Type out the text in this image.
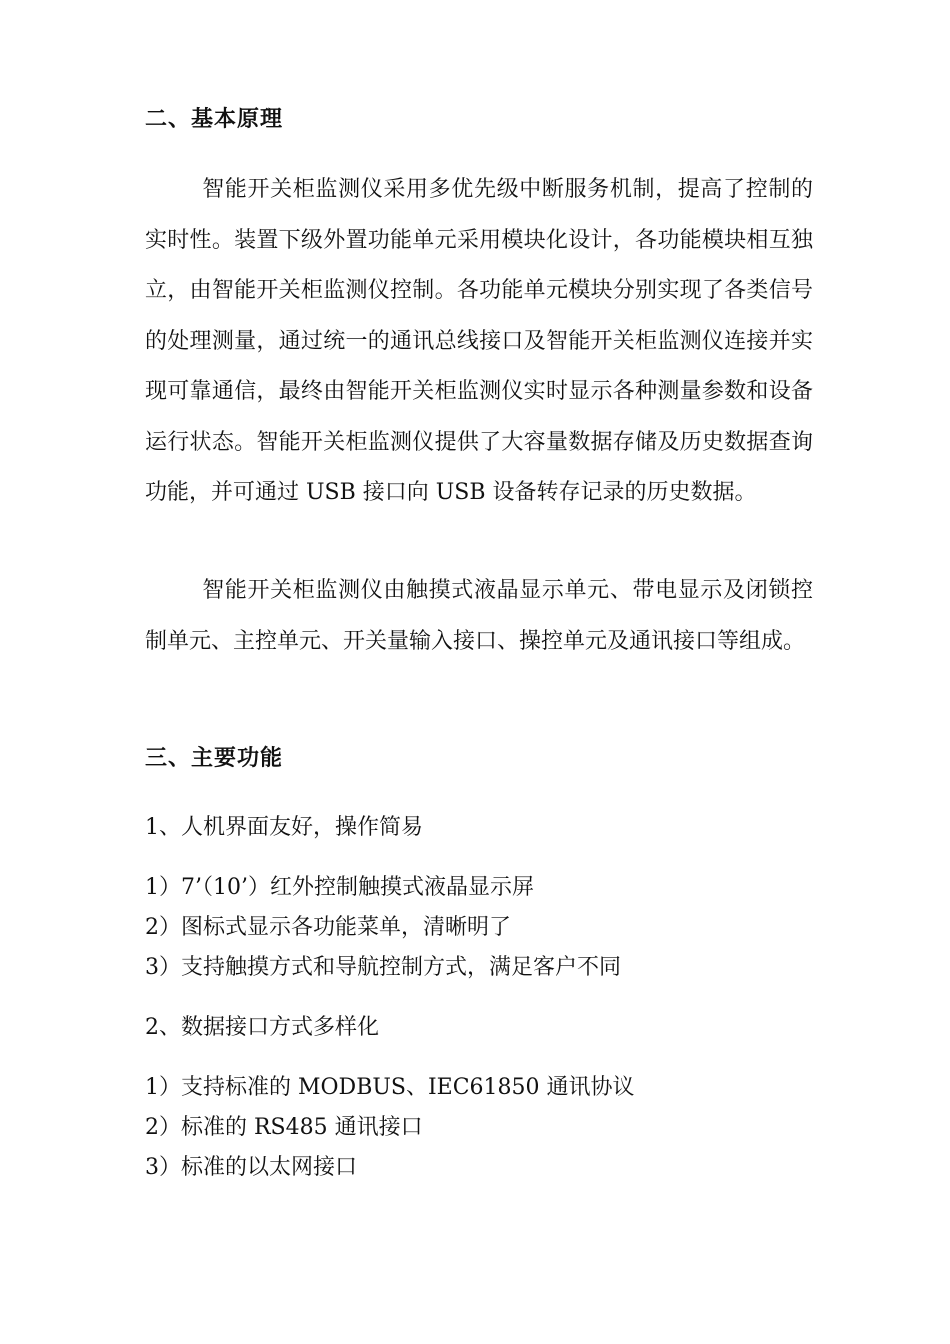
二、基本原理

智能开关柜监测仪采用多优先级中断服务机制，提高了控制的实时性。装置下级外置功能单元采用模块化设计，各功能模块相互独立，由智能开关柜监测仪控制。各功能单元模块分别实现了各类信号的处理测量，通过统一的通讯总线接口及智能开关柜监测仪连接并实现可靠通信，最终由智能开关柜监测仪实时显示各种测量参数和设备运行状态。智能开关柜监测仪提供了大容量数据存储及历史数据查询功能，并可通过 USB 接口向 USB 设备转存记录的历史数据。

智能开关柜监测仪由触摸式液晶显示单元、带电显示及闭锁控制单元、主控单元、开关量输入接口、操控单元及通讯接口等组成。

三、主要功能

1、人机界面友好，操作简易

1）7’（10’）红外控制触摸式液晶显示屏

2）图标式显示各功能菜单，清晰明了

3）支持触摸方式和导航控制方式，满足客户不同

2、数据接口方式多样化

1）支持标准的 MODBUS、IEC61850 通讯协议

2）标准的 RS485 通讯接口

3）标准的以太网接口
